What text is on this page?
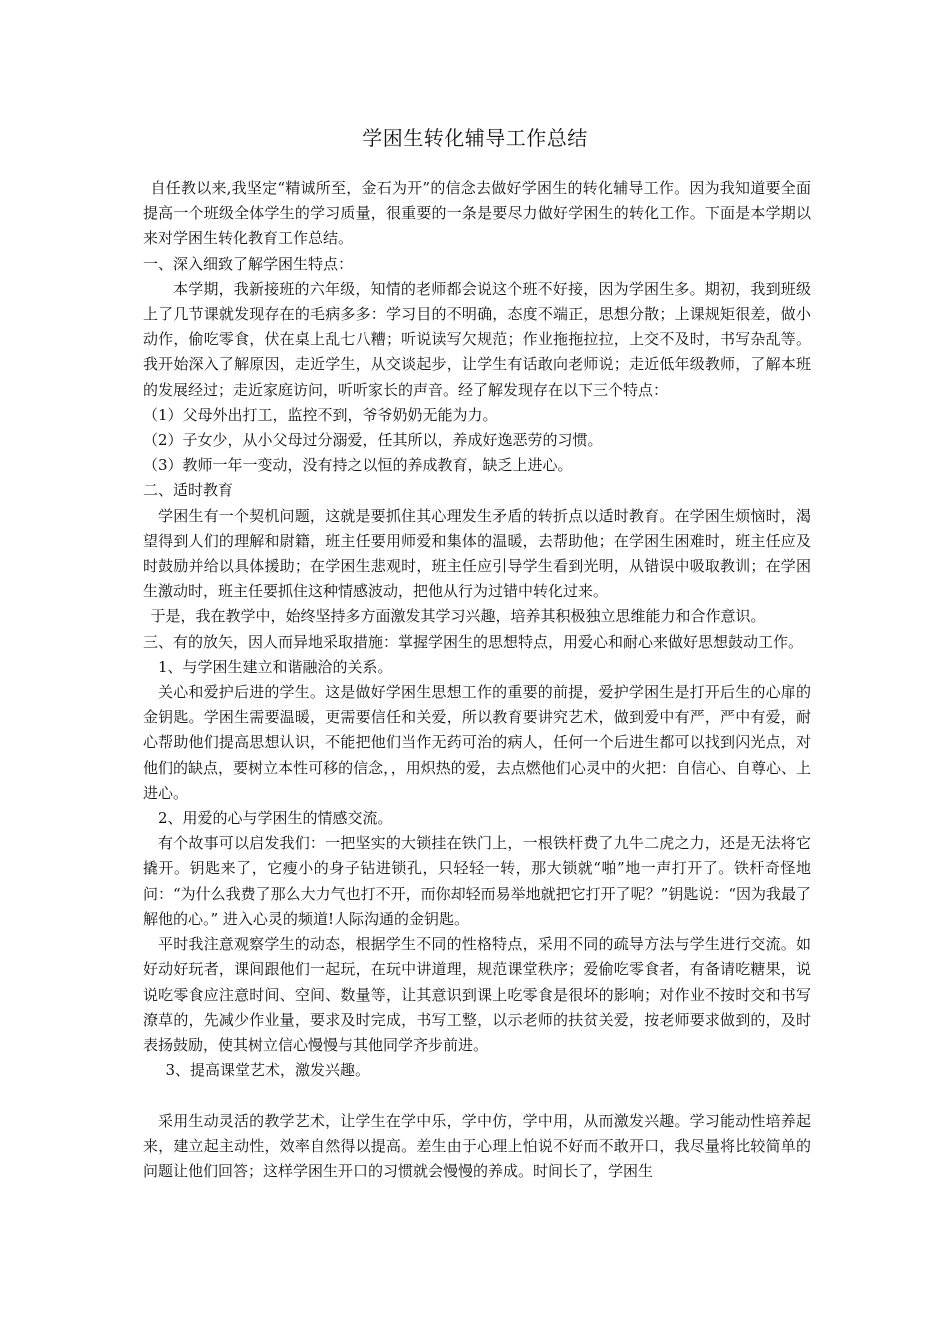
学困生转化辅导工作总结

自任教以来,我坚定“精诚所至，金石为开”的信念去做好学困生的转化辅导工作。因为我知道要全面提高一个班级全体学生的学习质量，很重要的一条是要尽力做好学困生的转化工作。下面是本学期以来对学困生转化教育工作总结。

一、深入细致了解学困生特点：

本学期，我新接班的六年级，知情的老师都会说这个班不好接，因为学困生多。期初，我到班级上了几节课就发现存在的毛病多多：学习目的不明确，态度不端正，思想分散；上课规矩很差，做小动作，偷吃零食，伏在桌上乱七八糟；听说读写欠规范；作业拖拖拉拉，上交不及时，书写杂乱等。我开始深入了解原因，走近学生，从交谈起步，让学生有话敢向老师说；走近低年级教师，了解本班的发展经过；走近家庭访问，听听家长的声音。经了解发现存在以下三个特点：

（1）父母外出打工，监控不到，爷爷奶奶无能为力。

（2）子女少，从小父母过分溺爱，任其所以，养成好逸恶劳的习惯。

（3）教师一年一变动，没有持之以恒的养成教育，缺乏上进心。

二、适时教育

学困生有一个契机问题，这就是要抓住其心理发生矛盾的转折点以适时教育。在学困生烦恼时，渴望得到人们的理解和尉籍，班主任要用师爱和集体的温暖，去帮助他；在学困生困难时，班主任应及时鼓励并给以具体援助；在学困生悲观时，班主任应引导学生看到光明，从错误中吸取教训；在学困生激动时，班主任要抓住这种情感波动，把他从行为过错中转化过来。

于是，我在教学中，始终坚持多方面激发其学习兴趣，培养其积极独立思维能力和合作意识。

三、有的放矢，因人而异地采取措施：掌握学困生的思想特点，用爱心和耐心来做好思想鼓动工作。

1、与学困生建立和谐融洽的关系。

关心和爱护后进的学生。这是做好学困生思想工作的重要的前提，爱护学困生是打开后生的心扉的金钥匙。学困生需要温暖，更需要信任和关爱，所以教育要讲究艺术，做到爱中有严，严中有爱，耐心帮助他们提高思想认识，不能把他们当作无药可治的病人，任何一个后进生都可以找到闪光点，对他们的缺点，要树立本性可移的信念，，用炽热的爱，去点燃他们心灵中的火把：自信心、自尊心、上进心。

2、用爱的心与学困生的情感交流。

有个故事可以启发我们：一把坚实的大锁挂在铁门上，一根铁杆费了九牛二虎之力，还是无法将它撬开。钥匙来了，它瘦小的身子钻进锁孔，只轻轻一转，那大锁就“啪”地一声打开了。铁杆奇怪地问：“为什么我费了那么大力气也打不开，而你却轻而易举地就把它打开了呢？”钥匙说：“因为我最了解他的心。” 进入心灵的频道!人际沟通的金钥匙。

平时我注意观察学生的动态，根据学生不同的性格特点，采用不同的疏导方法与学生进行交流。如好动好玩者，课间跟他们一起玩，在玩中讲道理，规范课堂秩序；爱偷吃零食者，有备请吃糖果，说说吃零食应注意时间、空间、数量等，让其意识到课上吃零食是很坏的影响；对作业不按时交和书写潦草的，先减少作业量，要求及时完成，书写工整，以示老师的扶贫关爱，按老师要求做到的，及时表扬鼓励，使其树立信心慢慢与其他同学齐步前进。

3、提高课堂艺术，激发兴趣。

采用生动灵活的教学艺术，让学生在学中乐，学中仿，学中用，从而激发兴趣。学习能动性培养起来，建立起主动性，效率自然得以提高。差生由于心理上怕说不好而不敢开口，我尽量将比较简单的问题让他们回答；这样学困生开口的习惯就会慢慢的养成。时间长了，学困生
